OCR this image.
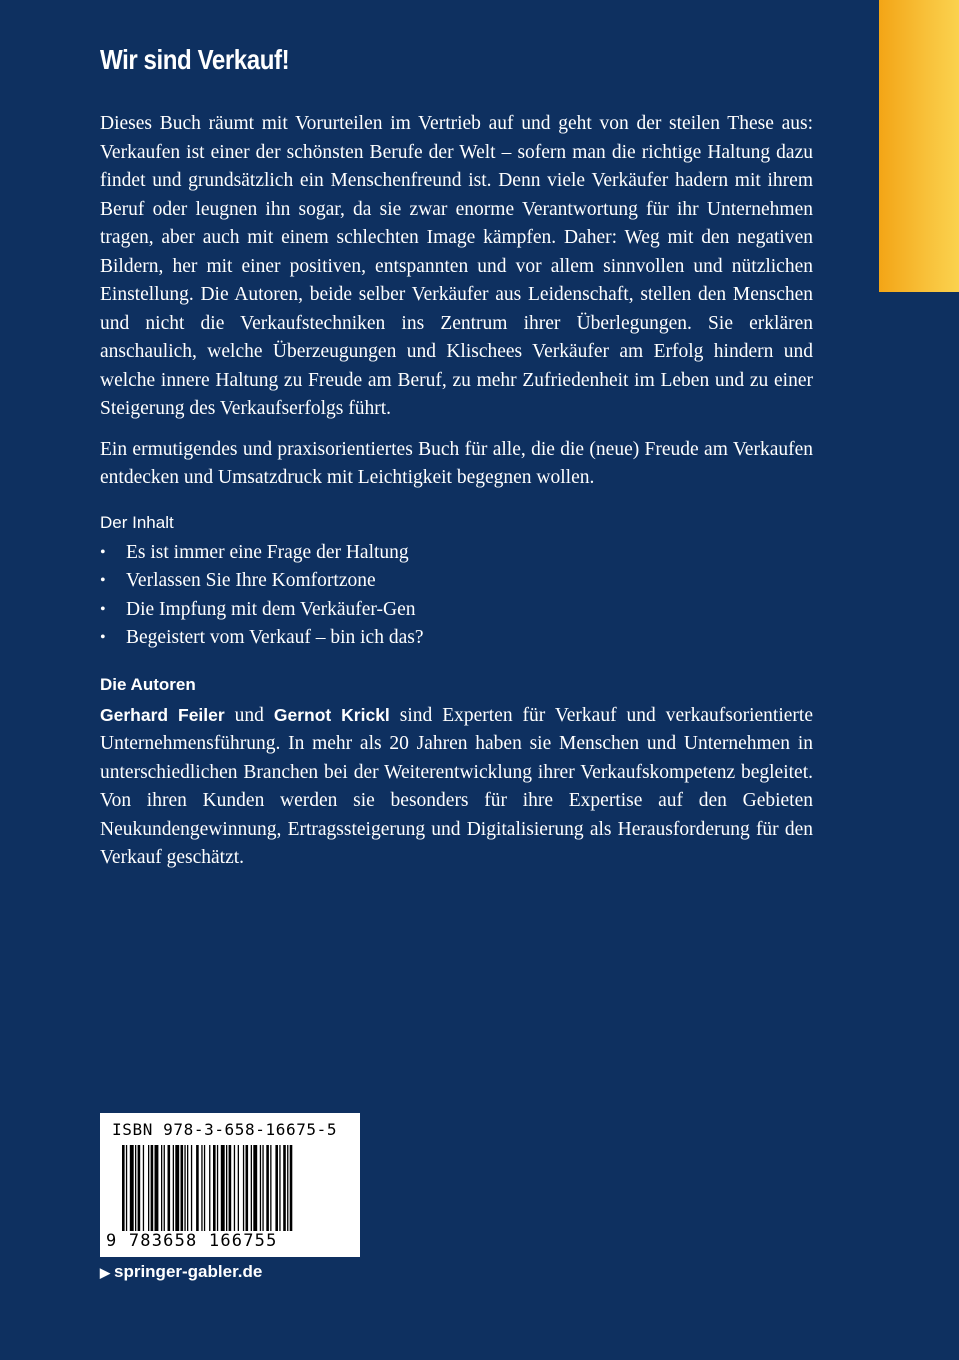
Wir sind Verkauf!

Dieses Buch räumt mit Vorurteilen im Vertrieb auf und geht von der steilen These aus: Verkaufen ist einer der schönsten Berufe der Welt – sofern man die richtige Haltung dazu findet und grundsätzlich ein Menschenfreund ist. Denn viele Verkäufer hadern mit ihrem Beruf oder leugnen ihn sogar, da sie zwar enorme Verantwortung für ihr Unternehmen tragen, aber auch mit einem schlechten Image kämpfen. Daher: Weg mit den negativen Bildern, her mit einer positiven, entspannten und vor allem sinnvollen und nützlichen Einstellung. Die Autoren, beide selber Verkäufer aus Leidenschaft, stellen den Menschen und nicht die Verkaufstechniken ins Zentrum ihrer Überlegungen. Sie erklären anschaulich, welche Überzeugungen und Klischees Verkäufer am Erfolg hindern und welche innere Haltung zu Freude am Beruf, zu mehr Zufriedenheit im Leben und zu einer Steigerung des Verkaufserfolgs führt.

Ein ermutigendes und praxisorientiertes Buch für alle, die die (neue) Freude am Verkaufen entdecken und Umsatzdruck mit Leichtigkeit begegnen wollen.

Der Inhalt
• Es ist immer eine Frage der Haltung
• Verlassen Sie Ihre Komfortzone
• Die Impfung mit dem Verkäufer-Gen
• Begeistert vom Verkauf – bin ich das?
Die Autoren

Gerhard Feiler und Gernot Krickl sind Experten für Verkauf und verkaufsorientierte Unternehmensführung. In mehr als 20 Jahren haben sie Menschen und Unternehmen in unterschiedlichen Branchen bei der Weiterentwicklung ihrer Verkaufskompetenz begleitet. Von ihren Kunden werden sie besonders für ihre Expertise auf den Gebieten Neukundengewinnung, Ertragssteigerung und Digitalisierung als Herausforderung für den Verkauf geschätzt.

ISBN 978-3-658-16675-5
9 783658 166755
▶ springer-gabler.de
